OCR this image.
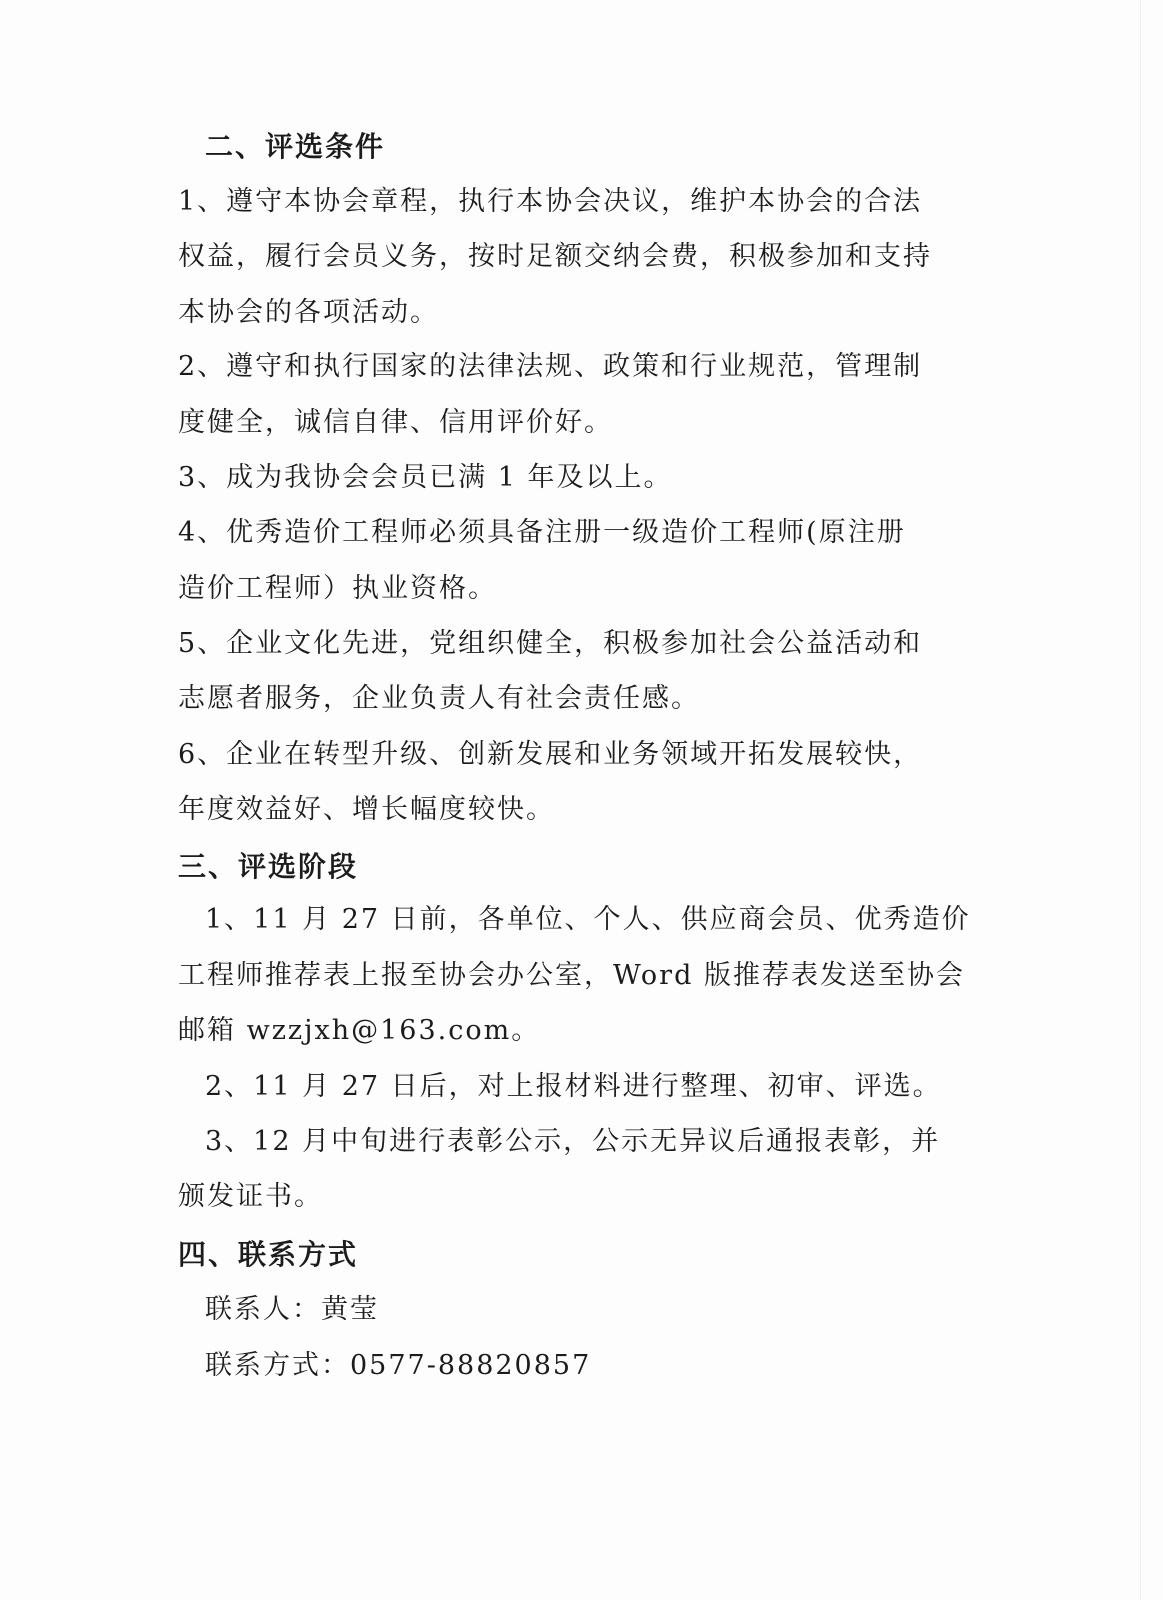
二、评选条件

1、遵守本协会章程，执行本协会决议，维护本协会的合法

权益，履行会员义务，按时足额交纳会费，积极参加和支持

本协会的各项活动。

2、遵守和执行国家的法律法规、政策和行业规范，管理制

度健全，诚信自律、信用评价好。

3、成为我协会会员已满 1 年及以上。

4、优秀造价工程师必须具备注册一级造价工程师(原注册

造价工程师）执业资格。

5、企业文化先进，党组织健全，积极参加社会公益活动和

志愿者服务，企业负责人有社会责任感。

6、企业在转型升级、创新发展和业务领域开拓发展较快，

年度效益好、增长幅度较快。

三、评选阶段

1、11 月 27 日前，各单位、个人、供应商会员、优秀造价

工程师推荐表上报至协会办公室，Word 版推荐表发送至协会

邮箱 wzzjxh@163.com。

2、11 月 27 日后，对上报材料进行整理、初审、评选。

3、12 月中旬进行表彰公示，公示无异议后通报表彰，并

颁发证书。

四、联系方式

联系人：黄莹

联系方式：0577-88820857
